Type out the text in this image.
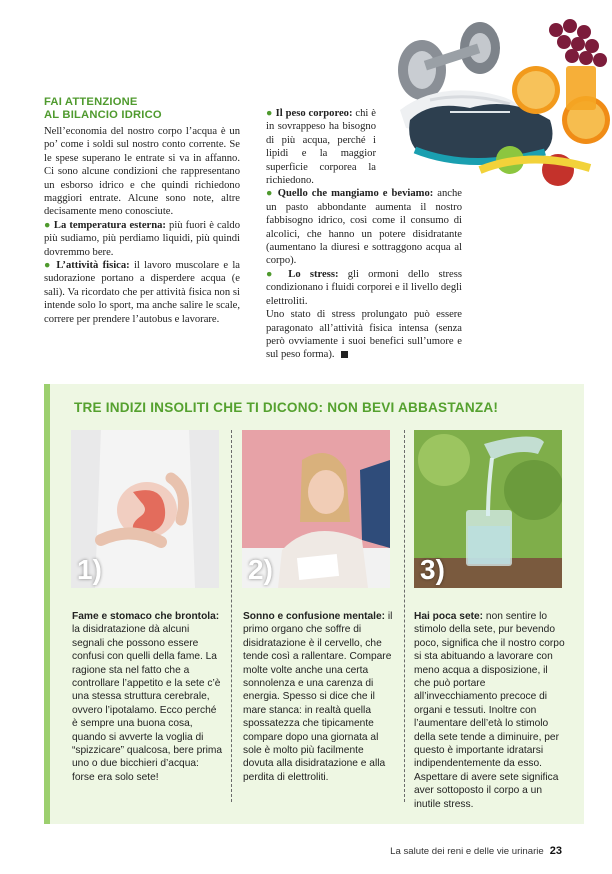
FAI ATTENZIONE
AL BILANCIO IDRICO

Nell’economia del nostro corpo l’acqua è un po’ come i soldi sul nostro conto corrente. Se le spese superano le entrate si va in affanno. Ci sono alcune condizioni che rappresentano un esborso idrico e che quindi richiedono maggiori entrate. Alcune sono note, altre decisamente meno conosciute.

● La temperatura esterna: più fuori è caldo più sudiamo, più perdiamo liquidi, più quindi dovremmo bere.

● L’attività fisica: il lavoro muscolare e la sudorazione portano a disperdere acqua (e sali). Va ricordato che per attività fisica non si intende solo lo sport, ma anche salire le scale, correre per prendere l’autobus e lavorare.

● Il peso corporeo: chi è in sovrappeso ha bisogno di più acqua, perché i lipidi e la maggior superficie corporea la richiedono.

● Quello che mangiamo e beviamo: anche un pasto abbondante aumenta il nostro fabbisogno idrico, così come il consumo di alcolici, che hanno un potere disidratante (aumentano la diuresi e sottraggono acqua al corpo).

● Lo stress: gli ormoni dello stress condizionano i fluidi corporei e il livello degli elettroliti.

Uno stato di stress prolungato può essere paragonato all’attività fisica intensa (senza però ovviamente i suoi benefici sull’umore e sul peso forma).

TRE INDIZI INSOLITI CHE TI DICONO: NON BEVI ABBASTANZA!
1)	2)	3)
Fame e stomaco che brontola: la disidratazione dà alcuni segnali che possono essere confusi con quelli della fame. La ragione sta nel fatto che a controllare l’appetito e la sete c’è una stessa struttura cerebrale, ovvero l’ipotalamo. Ecco perché è sempre una buona cosa, quando si avverte la voglia di “spizzicare” qualcosa, bere prima uno o due bicchieri d’acqua: forse era solo sete!
Sonno e confusione mentale: il primo organo che soffre di disidratazione è il cervello, che tende così a rallentare. Compare molte volte anche una certa sonnolenza e una carenza di energia. Spesso si dice che il mare stanca: in realtà quella spossatezza che tipicamente compare dopo una giornata al sole è molto più facilmente dovuta alla disidratazione e alla perdita di elettroliti.
Hai poca sete: non sentire lo stimolo della sete, pur bevendo poco, significa che il nostro corpo si sta abituando a lavorare con meno acqua a disposizione, il che può portare all’invecchiamento precoce di organi e tessuti. Inoltre con l’aumentare dell’età lo stimolo della sete tende a diminuire, per questo è importante idratarsi indipendentemente da esso. Aspettare di avere sete significa aver sottoposto il corpo a un inutile stress.
La salute dei reni e delle vie urinarie 23
